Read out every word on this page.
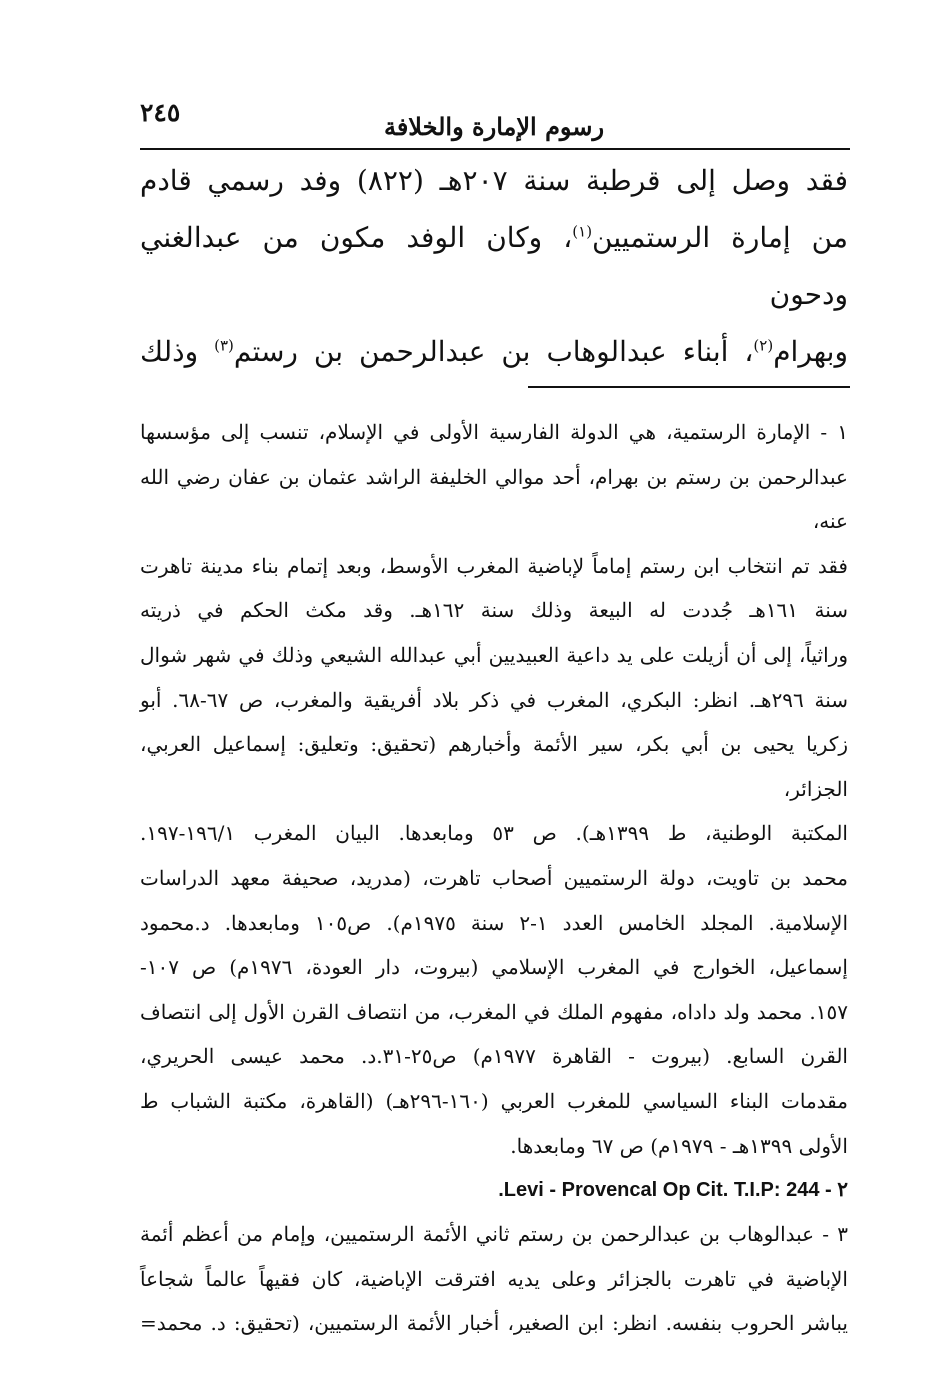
٢٤٥	رسوم الإمارة والخلافة

فقد وصل إلى قرطبة سنة ٢٠٧هـ (٨٢٢) وفد رسمي قادم

من إمارة الرستميين$^{(١)}$، وكان الوفد مكون من عبدالغني ودحون

وبهرام$^{(٢)}$، أبناء عبدالوهاب بن عبدالرحمن بن رستم$^{(٣)}$ وذلك

١ - الإمارة الرستمية، هي الدولة الفارسية الأولى في الإسلام، تنسب إلى مؤسسها

عبدالرحمن بن رستم بن بهرام، أحد موالي الخليفة الراشد عثمان بن عفان رضي الله عنه،

فقد تم انتخاب ابن رستم إماماً لإباضية المغرب الأوسط، وبعد إتمام بناء مدينة تاهرت

سنة ١٦١هـ جُددت له البيعة وذلك سنة ١٦٢هـ. وقد مكث الحكم في ذريته

وراثياً، إلى أن أزيلت على يد داعية العبيديين أبي عبدالله الشيعي وذلك في شهر شوال

سنة ٢٩٦هـ. انظر: البكري، المغرب في ذكر بلاد أفريقية والمغرب، ص ٦٧-٦٨. أبو

زكريا يحيى بن أبي بكر، سير الأئمة وأخبارهم (تحقيق: وتعليق: إسماعيل العربي، الجزائر،

المكتبة الوطنية، ط ١٣٩٩هـ). ص ٥٣ ومابعدها. البيان المغرب ١٩٦/١-١٩٧.

محمد بن تاويت، دولة الرستميين أصحاب تاهرت، (مدريد، صحيفة معهد الدراسات

الإسلامية. المجلد الخامس العدد ١-٢ سنة ١٩٧٥م). ص١٠٥ ومابعدها. د.محمود

إسماعيل، الخوارج في المغرب الإسلامي (بيروت، دار العودة، ١٩٧٦م) ص ١٠٧-

١٥٧. محمد ولد داداه، مفهوم الملك في المغرب، من انتصاف القرن الأول إلى انتصاف

القرن السابع. (بيروت - القاهرة ١٩٧٧م) ص٢٥-٣١.د. محمد عيسى الحريري،

مقدمات البناء السياسي للمغرب العربي (١٦٠-٢٩٦هـ) (القاهرة، مكتبة الشباب ط

الأولى ١٣٩٩هـ - ١٩٧٩م) ص ٦٧ ومابعدها.

٢ - .Levi - Provencal Op Cit. T.I.P: 244

٣ - عبدالوهاب بن عبدالرحمن بن رستم ثاني الأئمة الرستميين، وإمام من أعظم أئمة

الإباضية في تاهرت بالجزائر وعلى يديه افترقت الإباضية، كان فقيهاً عالماً شجاعاً

يباشر الحروب بنفسه. انظر: ابن الصغير، أخبار الأئمة الرستميين، (تحقيق: د. محمد=
